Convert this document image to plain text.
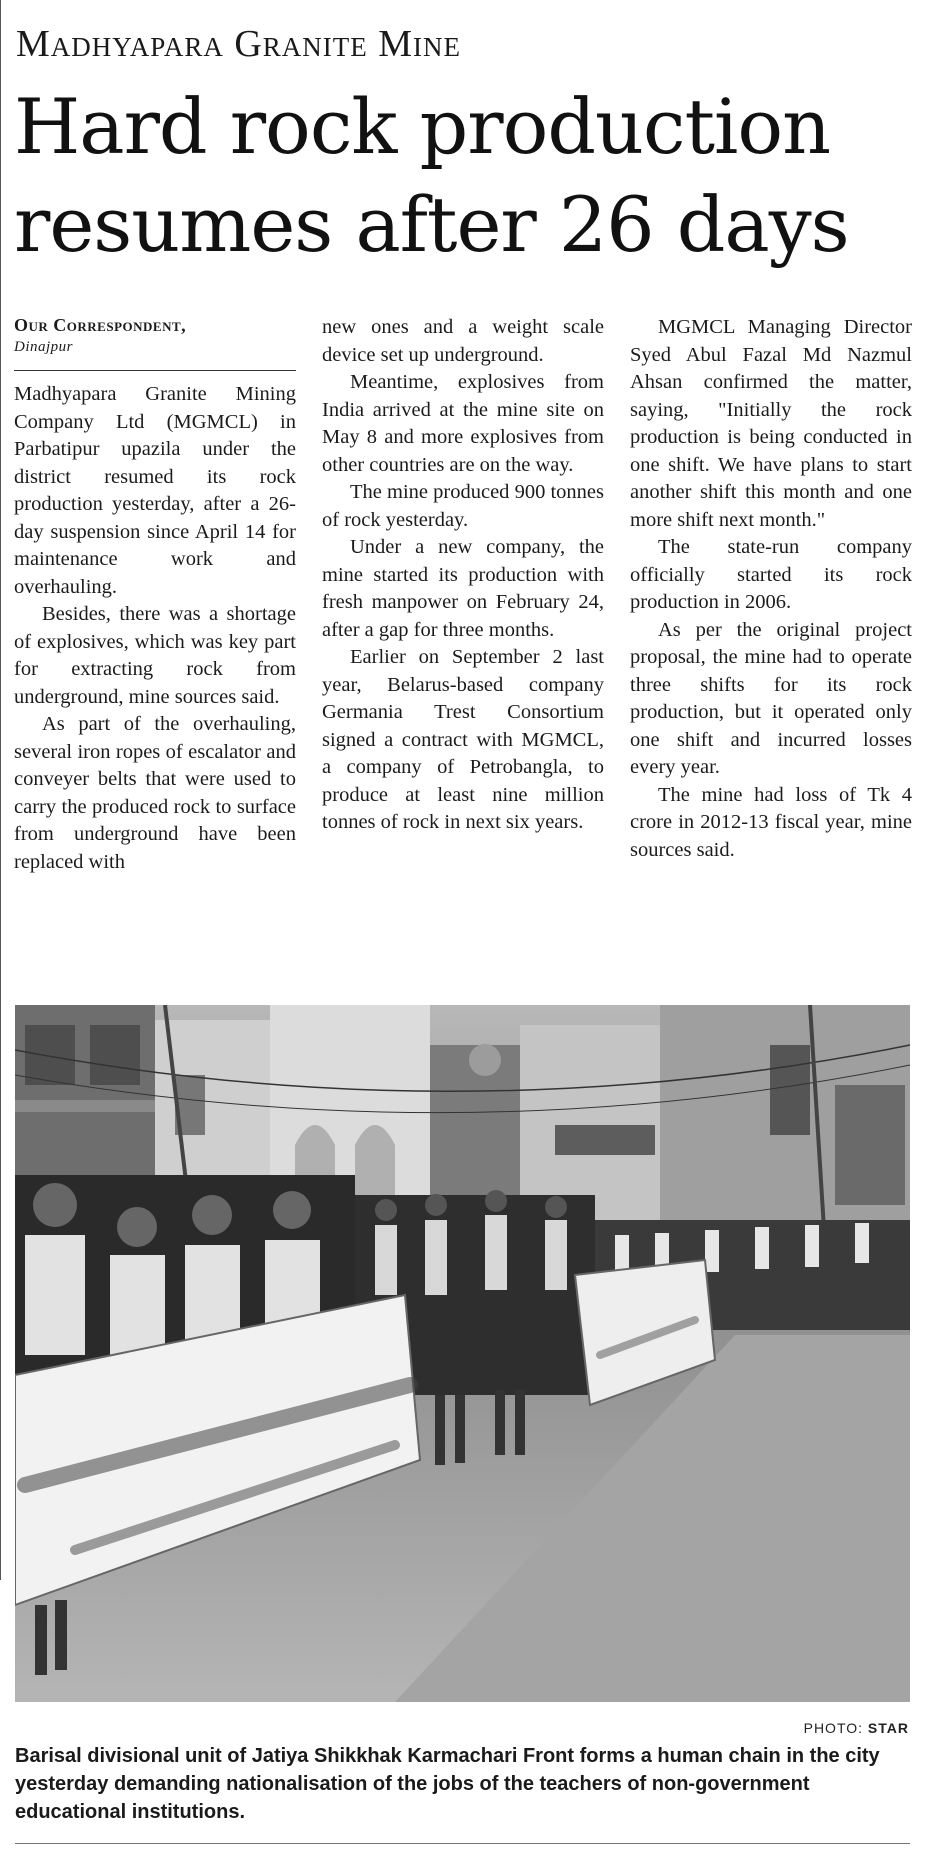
Madhyapara Granite Mine
Hard rock production resumes after 26 days
Our Correspondent,
Dinajpur

Madhyapara Granite Mining Company Ltd (MGMCL) in Parbatipur upazila under the district resumed its rock production yesterday, after a 26-day suspension since April 14 for maintenance work and overhauling.

Besides, there was a shortage of explosives, which was key part for extracting rock from underground, mine sources said.

As part of the overhauling, several iron ropes of escalator and conveyer belts that were used to carry the produced rock to surface from underground have been replaced with

new ones and a weight scale device set up underground.

Meantime, explosives from India arrived at the mine site on May 8 and more explosives from other countries are on the way.

The mine produced 900 tonnes of rock yesterday.

Under a new company, the mine started its production with fresh manpower on February 24, after a gap for three months.

Earlier on September 2 last year, Belarus-based company Germania Trest Consortium signed a contract with MGMCL, a company of Petrobangla, to produce at least nine million tonnes of rock in next six years.

MGMCL Managing Director Syed Abul Fazal Md Nazmul Ahsan confirmed the matter, saying, "Initially the rock production is being conducted in one shift. We have plans to start another shift this month and one more shift next month."

The state-run company officially started its rock production in 2006.

As per the original project proposal, the mine had to operate three shifts for its rock production, but it operated only one shift and incurred losses every year.

The mine had loss of Tk 4 crore in 2012-13 fiscal year, mine sources said.

PHOTO: STAR

Barisal divisional unit of Jatiya Shikkhak Karmachari Front forms a human chain in the city yesterday demanding nationalisation of the jobs of the teachers of non-government educational institutions.
